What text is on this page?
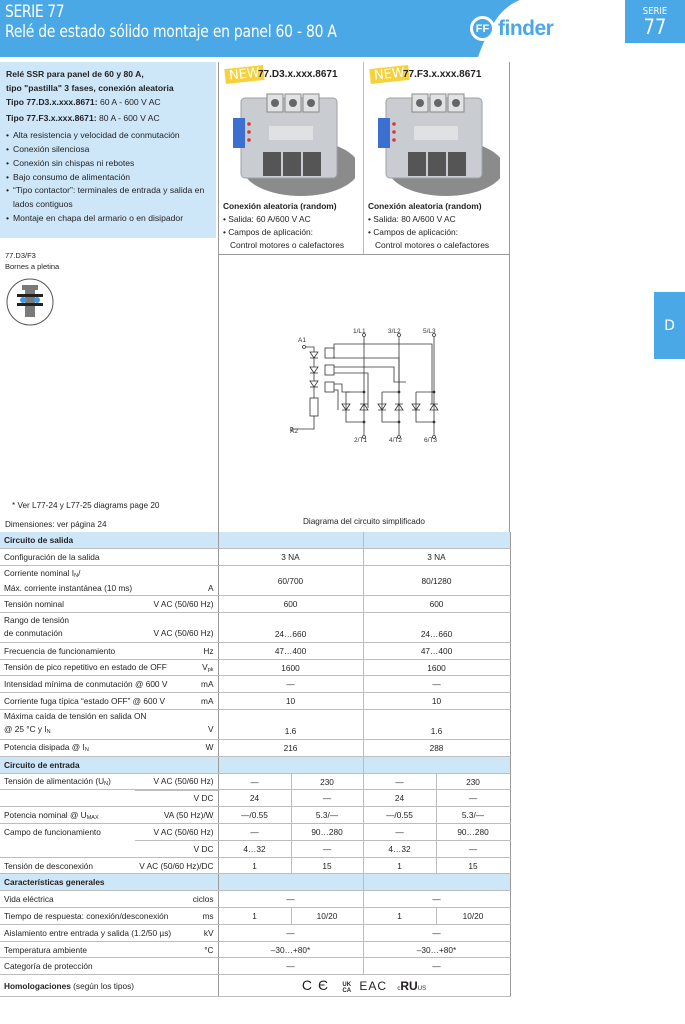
SERIE 77
Relé de estado sólido montaje en panel 60 - 80 A	FF finder
SERIE
77
D
Relé SSR para panel de 60 y 80 A,
tipo "pastilla" 3 fases, conexión aleatoria
Tipo 77.D3.x.xxx.8671: 60 A - 600 V AC
Tipo 77.F3.x.xxx.8671: 80 A - 600 V AC
• Alta resistencia y velocidad de conmutación
• Conexión silenciosa
• Conexión sin chispas ni rebotes
• Bajo consumo de alimentación
• “Tipo contactor”: terminales de entrada y salida en lados contiguos
• Montaje en chapa del armario o en disipador
NEW
77.D3.x.xxx.8671
Conexión aleatoria (random)
• Salida: 60 A/600 V AC
• Campos de aplicación:
Control motores o calefactores
NEW
77.F3.x.xxx.8671
Conexión aleatoria (random)
• Salida: 80 A/600 V AC
• Campos de aplicación:
Control motores o calefactores
77.D3/F3
Bornes a pletina
A1
A2
1/L1	3/L2	5/L3
2/T1	4/T2	6/T3
* Ver L77-24 y L77-25 diagrams page 20
Dimensiones: ver página 24	Diagrama del circuito simplificado
Circuito de salida				
Configuración de la salida	3 NA		3 NA	
Corriente nominal IN/
Máx. corriente instantánea (10 ms) A	60/700		80/1280	
Tensión nominal V AC (50/60 Hz)	600		600	
Rango de tensión
de conmutación V AC (50/60 Hz)	24…660		24…660	
Frecuencia de funcionamiento Hz	47…400		47…400	
Tensión de pico repetitivo en estado de OFF Vpk	1600		1600	
Intensidad mínima de conmutación @ 600 V mA	—		—	
Corriente fuga típica “estado OFF” @ 600 V mA	10		10	
Máxima caída de tensión en salida ON
@ 25 °C y IN V	1.6		1.6	
Potencia disipada @ IN W	216		288	
Circuito de entrada				
Tensión de alimentación (UN) V AC (50/60 Hz)	—	230	—	230

V DC	24	—	24	—
Potencia nominal @ UMAX VA (50 Hz)/W	—/0.55	5.3/—	—/0.55	5.3/—
Campo de funcionamiento V AC (50/60 Hz)	—	90…280	—	90…280

V DC	4…32	—	4…32	—
Tensión de desconexión V AC (50/60 Hz)/DC	1	15	1	15
Características generales				
Vida eléctrica ciclos	—		—	
Tiempo de respuesta: conexión/desconexión ms	1	10/20	1	10/20
Aislamiento entre entrada y salida (1.2/50 µs) kV	—		—	
Temperatura ambiente °C	–30…+80*		–30…+80*	
Categoría de protección	—		—	
Homologaciones (según los tipos)	CЄ UK
CA EAC cRUUS			
